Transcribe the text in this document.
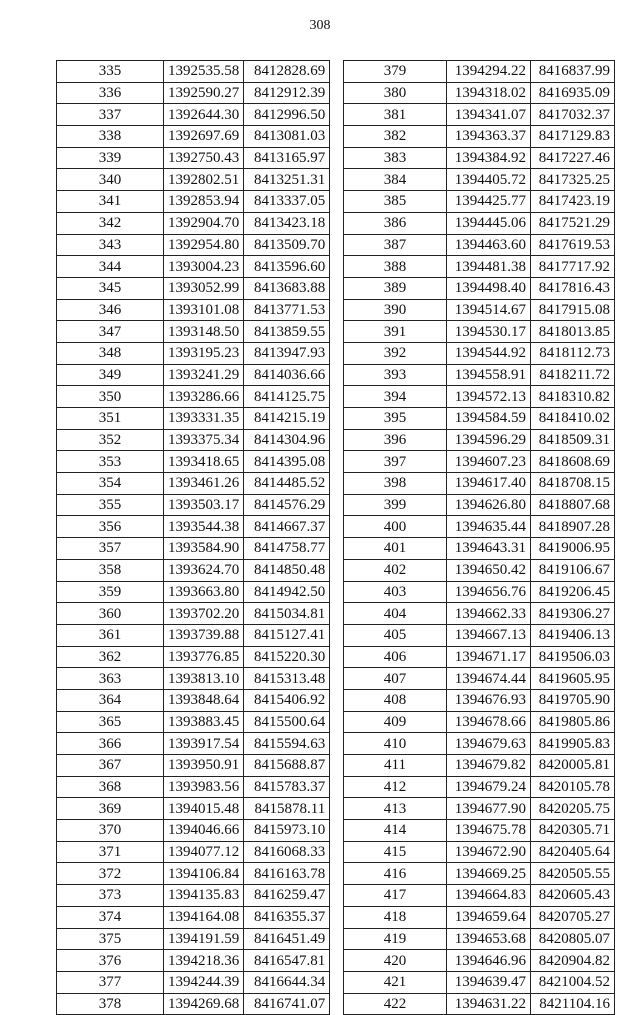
308
335	1392535.58	8412828.69
336	1392590.27	8412912.39
337	1392644.30	8412996.50
338	1392697.69	8413081.03
339	1392750.43	8413165.97
340	1392802.51	8413251.31
341	1392853.94	8413337.05
342	1392904.70	8413423.18
343	1392954.80	8413509.70
344	1393004.23	8413596.60
345	1393052.99	8413683.88
346	1393101.08	8413771.53
347	1393148.50	8413859.55
348	1393195.23	8413947.93
349	1393241.29	8414036.66
350	1393286.66	8414125.75
351	1393331.35	8414215.19
352	1393375.34	8414304.96
353	1393418.65	8414395.08
354	1393461.26	8414485.52
355	1393503.17	8414576.29
356	1393544.38	8414667.37
357	1393584.90	8414758.77
358	1393624.70	8414850.48
359	1393663.80	8414942.50
360	1393702.20	8415034.81
361	1393739.88	8415127.41
362	1393776.85	8415220.30
363	1393813.10	8415313.48
364	1393848.64	8415406.92
365	1393883.45	8415500.64
366	1393917.54	8415594.63
367	1393950.91	8415688.87
368	1393983.56	8415783.37
369	1394015.48	8415878.11
370	1394046.66	8415973.10
371	1394077.12	8416068.33
372	1394106.84	8416163.78
373	1394135.83	8416259.47
374	1394164.08	8416355.37
375	1394191.59	8416451.49
376	1394218.36	8416547.81
377	1394244.39	8416644.34
378	1394269.68	8416741.07
379	1394294.22	8416837.99
380	1394318.02	8416935.09
381	1394341.07	8417032.37
382	1394363.37	8417129.83
383	1394384.92	8417227.46
384	1394405.72	8417325.25
385	1394425.77	8417423.19
386	1394445.06	8417521.29
387	1394463.60	8417619.53
388	1394481.38	8417717.92
389	1394498.40	8417816.43
390	1394514.67	8417915.08
391	1394530.17	8418013.85
392	1394544.92	8418112.73
393	1394558.91	8418211.72
394	1394572.13	8418310.82
395	1394584.59	8418410.02
396	1394596.29	8418509.31
397	1394607.23	8418608.69
398	1394617.40	8418708.15
399	1394626.80	8418807.68
400	1394635.44	8418907.28
401	1394643.31	8419006.95
402	1394650.42	8419106.67
403	1394656.76	8419206.45
404	1394662.33	8419306.27
405	1394667.13	8419406.13
406	1394671.17	8419506.03
407	1394674.44	8419605.95
408	1394676.93	8419705.90
409	1394678.66	8419805.86
410	1394679.63	8419905.83
411	1394679.82	8420005.81
412	1394679.24	8420105.78
413	1394677.90	8420205.75
414	1394675.78	8420305.71
415	1394672.90	8420405.64
416	1394669.25	8420505.55
417	1394664.83	8420605.43
418	1394659.64	8420705.27
419	1394653.68	8420805.07
420	1394646.96	8420904.82
421	1394639.47	8421004.52
422	1394631.22	8421104.16
